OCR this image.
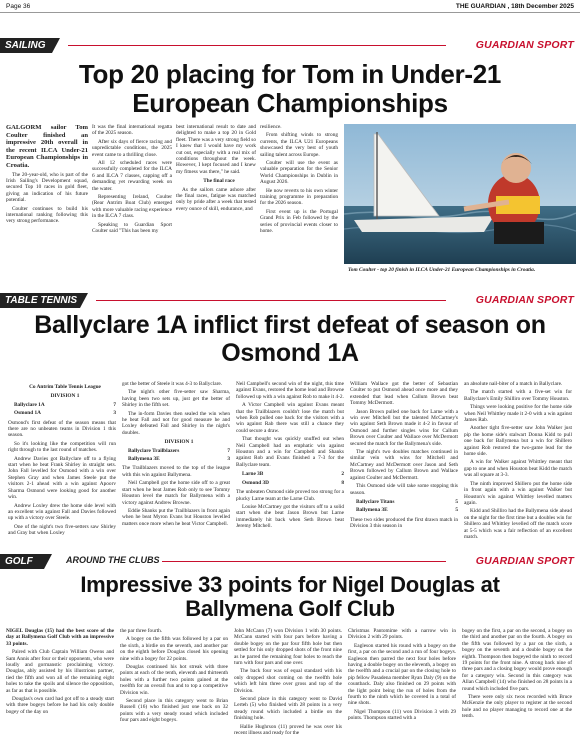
Page 36	THE GUARDIAN , 18th December 2025
SAILING	GUARDIAN SPORT
Top 20 placing for Tom in Under-21 European Championships

GALGORM sailor Tom Coulter finished an impressive 20th overall in the recent ILCA Under-21 European Championships in Croatia.

The 20-year-old, who is part of the Irish Sailing's Development squad, secured Top 10 races in gold fleet, giving an indication of his future potential.

Coulter continues to build his international ranking following this very strong performance.

It was the final international regatta of the 2025 season.

After six days of fierce racing and unpredictable conditions, the 2025 event came to a thrilling close.

All 12 scheduled races were successfully completed for the ILCA 6 and ILCA 7 classes, capping off a demanding yet rewarding week on the water.

Representing Ireland, Coulter (Rear Antrim Boat Club) emerged with more valuable racing experience in the ILCA 7 class.

Speaking to Guardian Sport Coulter said "This has been my

best international result to date and delighted to make a top 20 in Gold fleet. There was a very strong field so I knew that I would have my work cut out, especially with a real mix of conditions throughout the week. However, I kept focused and I knew my fitness was there," he said.

The final race

As the sailors came ashore after the final races, fatigue was matched only by pride after a week that tested every ounce of skill, endurance, and

resilience.

From shifting winds to strong currents, the ILCA U21 Europeans showcased the very best of youth sailing talent across Europe.

Coulter will use the event as valuable preparation for the Senior World Championships in Dublin in August 2026.

He now reverts to his own winter training programme in preparation for the 2026 season.

First event up is the Portugal Grand Prix in Feb followed by the series of provincial events closer to home.

Tom Coulter - top 20 finish in ILCA Under-21 European Championships in Croatia.
TABLE TENNIS	GUARDIAN SPORT
Ballyclare 1A inflict first defeat of season on Osmond 1A

Co Antrim Table Tennis League

DIVISION 1

Ballyclare 1A	7

Osmond 1A	3

Osmond's first defeat of the season means that there are no unbeaten teams in Division 1 this season.

So it's looking like the competition will run right through to the last round of matches.

Andrew Davies got Ballyclare off to a flying start when he beat Frank Shirley in straight sets. John Fall levelled for Osmond with a win over Stephen Gray and when James Steele put the visitors 2-1 ahead with a win against Apoorv Sharma Osmond were looking good for another win.

Andrew Loxley drew the home side level with an excellent win against Fall and Davies followed up with a victory over Steele.

One of the night's two five-setters saw Shirley and Gray but when Loxley

got the better of Steele it was 4-3 to Ballyclare.

The night's other five-setter saw Sharma, having been two sets up, just get the better of Shirley in the fifth set.

The in-form Davies then sealed the win when he beat Fall and not for good measure he and Loxley defeated Fall and Shirley in the night's doubles.

DIVISION 1

Ballyclare Trailblazers	7

Ballymena 3E	3

The Trailblazers moved to the top of the league with this win against Ballymena.

Neil Campbell got the home side off to a great start when he beat James Rob only to see Tommy Houston level the match for Ballymena with a victory against Andrew Browne.

Eddie Shanks put the Trailblazers in front again when he beat Myron Evans but Houston levelled matters once more when he beat Victor Campbell.

Neil Campbell's second win of the night, this time against Evans, restored the home lead and Browne followed up with a win against Rob to make it 4-2.

A Victor Campbell win against Evans meant that the Trailblazers couldn't lose the match but when Rob pulled one back for the visitors with a win against Rab there was still a chance they could secure a draw.

That thought was quickly snuffed out when Neil Campbell had an emphatic win against Houston and a win for Campbell and Shanks against Rob and Evans finished a 7-3 for the Ballyclare team.

Larne 3B	2

Osmond 3D	8

The unbeaten Osmond side proved too strong for a plucky Larne team at the Larne Club.

Louise McCartney got the visitors off to a solid start when she beat Jason Brown but Larne immediately hit back when Seth Brown beat Jeremy Mitchell.

William Wallace got the better of Sebastian Coulter to put Osmond ahead once more and they extended that lead when Callum Brown beat Tommy McDermott.

Jason Brown pulled one back for Larne with a win over Mitchell but the talented McCartney's win against Seth Brown made it 4-2 in favour of Osmond and further singles wins for Callum Brown over Coulter and Wallace over McDermott secured the match for the Ballymena's side.

The night's two doubles matches continued in similar vein with wins for Mitchell and McCartney and McDermott over Jason and Seth Brown followed by Callum Brown and Wallace against Coulter and McDermott.

This Osmond side will take some stopping this season.

Ballyclare Titans	5

Ballymena 3E	5

These two sides produced the first drawn match in Division 3 this season in

an absolute nail-biter of a match in Ballyclare.

The match started with a five-set win for Ballyclare's Emily Shilliro over Tommy Houston.

Things were looking positive for the home side when Neil Whittley made it 2-0 with a win against James Rab.

Another tight five-setter saw John Walker just pip the home side's stalwart Donna Kidd to pull one back for Ballymena but a win for Shillero against Rob restored the two-game lead for the home side.

A win for Walker against Whittley meant that gap to one and when Houston beat Kidd the match was all square at 3-3.

The ninth improved Shillero put the home side in front again with a win against Walker but Houston's win against Whittley levelled matters again.

Kidd and Shilliro had the Ballymena side ahead on the night for the first time but a doubles win for Shillero and Whittley levelled off the match score at 5-5 which was a fair reflection of an excellent match.

GOLF	AROUND THE CLUBS	GUARDIAN SPORT
Impressive 33 points for Nigel Douglas at Ballymena Golf Club

NIGEL Douglas (15) had the best score of the day at Ballymena Golf Club with an impressive 33 points.

Paired with Club Captain William Owens and Sam Annis after four or their opponents, who were loudly and gormanstic proclaiming victory. Douglas, ably assisted by his illustrious partner, tied the fifth and won all of the remaining eight holes to take the spoils and silence the opposition, as far as that is possible.

Douglas's own card had got off to a steady start with three bogeys before he had his only double bogey of the day on

the par three fourth.

A bogey on the fifth was followed by a par on the sixth, a birdie on the seventh, and another par on the eighth before Douglas closed his opening nine with a bogey for 22 points.

Douglas continued his hot streak with three points at each of the tenth, eleventh and thirteenth holes with a further two points gained at the twelfth for an overall fun and to top a competitive Division win.

Second place in this category went to Brian Russell (16) who finished just one back on 32 points with a very steady round which included four pars and eight bogeys.

John McCann (7) won Division 1 with 30 points. McCann started with four pars before having a double bogey on the par four fifth hole but then settled for his only dropped shots of the front nine as he parred the remaining four holes to reach the turn with four pars and one over.

The back four was of equal standard with his only dropped shot coming on the twelfth hole which left him three over gross and top of the Division.

Second place in this category went to David Lerteh (5) who finished with 28 points in a very steady round which included a birdie on the finishing hole.

Hallie Hughrson (11) proved he was over his recent illness and ready for the

Christmas Pantomime with a narrow win in Division 2 with 29 points.

Eagleson started his round with a bogey on the first, a par on the second and a run of four bogeys. Eagleson then parred the next four holes before having a double bogey on the eleventh, a bogey on the twelfth and a crucial par on the closing hole to pip fellow Pasadena member Ryan Daly (9) on the countback. Daly also finished on 29 points with the light point being the run of holes from the fourth to the ninth which he covered in a total of nine shots.

Nigel Thompson (11) won Division 3 with 29 points. Thompson started with a

bogey on the first, a par on the second, a bogey on the third and another par on the fourth. A bogey on the fifth was followed by a par on the sixth, a bogey on the seventh and a double bogey on the eighth. Thompson then bogeyed the ninth to record 19 points for the front nine. A strong back nine of three pars and a closing bogey would prove enough for a category win. Second in this category was Allan Campbell (14) who finished on 28 points in a round which included five pars.

There were only six twos recorded with Bruce McKenzie the only player to register at the second hole and no player managing to record one at the tenth.
